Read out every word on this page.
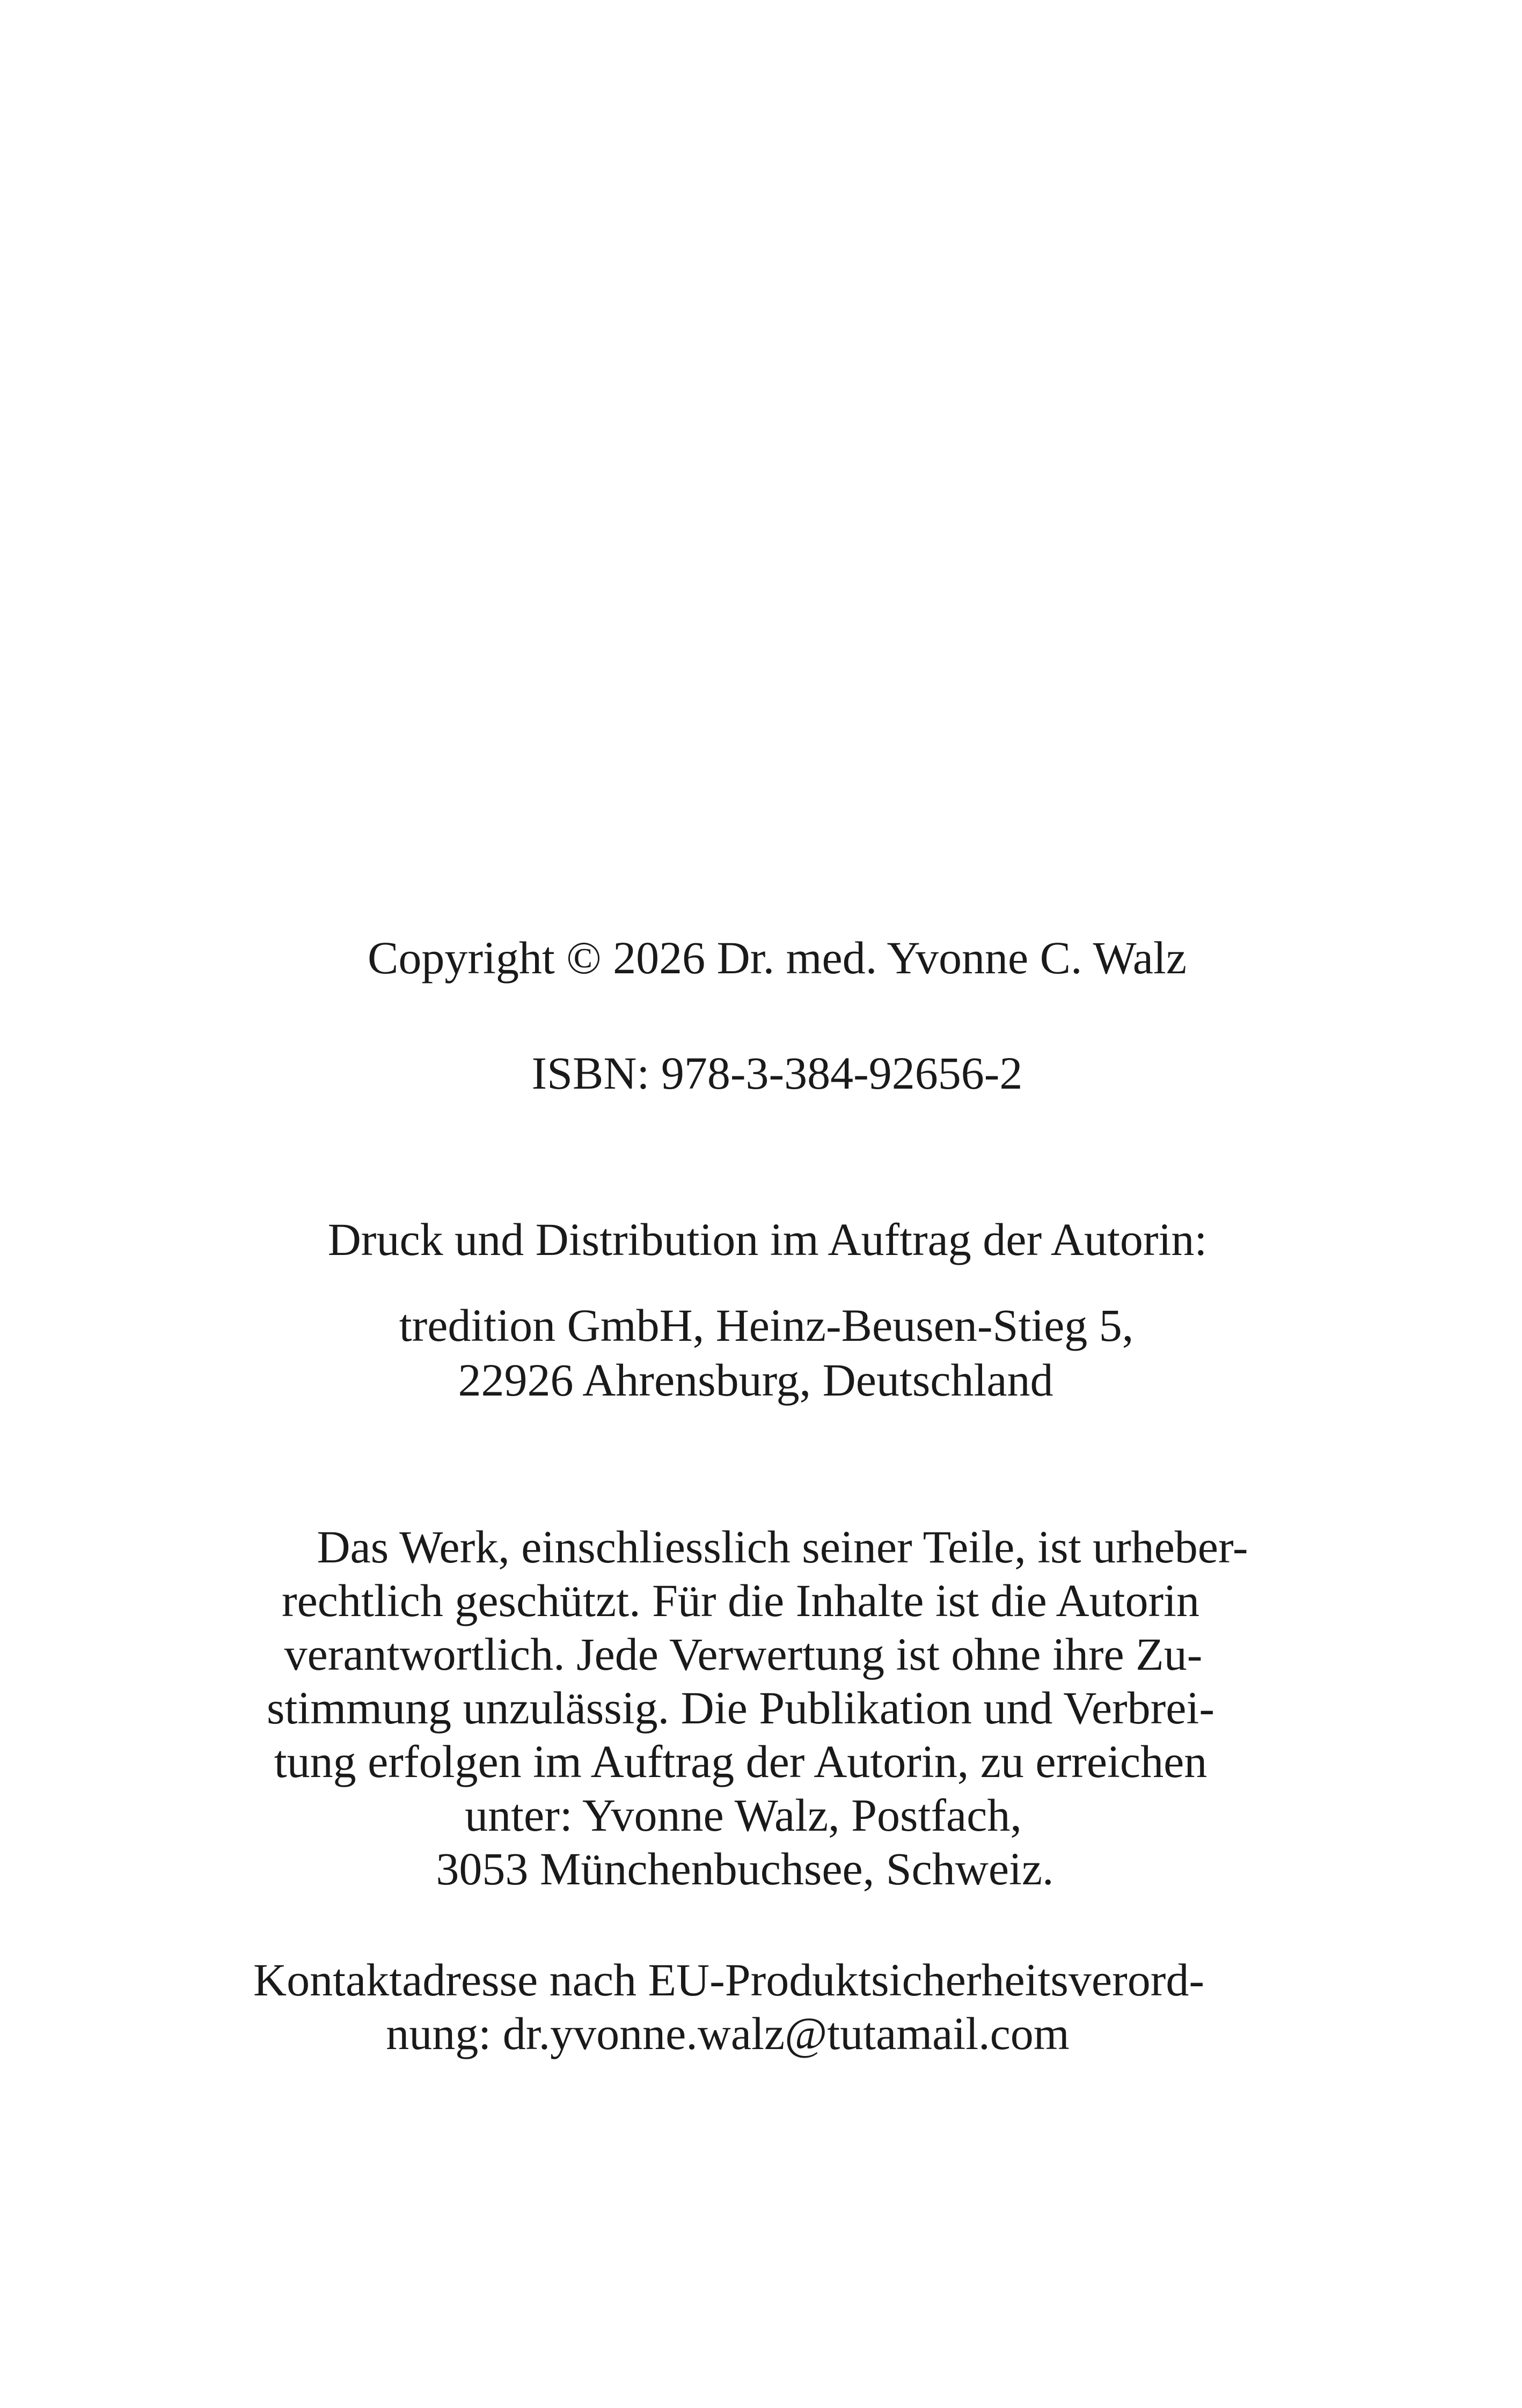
Copyright © 2026 Dr. med. Yvonne C. Walz
ISBN: 978-3-384-92656-2
Druck und Distribution im Auftrag der Autorin:
tredition GmbH, Heinz-Beusen-Stieg 5,
22926 Ahrensburg, Deutschland
Das Werk, einschliesslich seiner Teile, ist urheber-
rechtlich geschützt. Für die Inhalte ist die Autorin
verantwortlich. Jede Verwertung ist ohne ihre Zu-
stimmung unzulässig. Die Publikation und Verbrei-
tung erfolgen im Auftrag der Autorin, zu erreichen
unter: Yvonne Walz, Postfach,
3053 Münchenbuchsee, Schweiz.
Kontaktadresse nach EU-Produktsicherheitsverord-
nung: dr.yvonne.walz@tutamail.com
